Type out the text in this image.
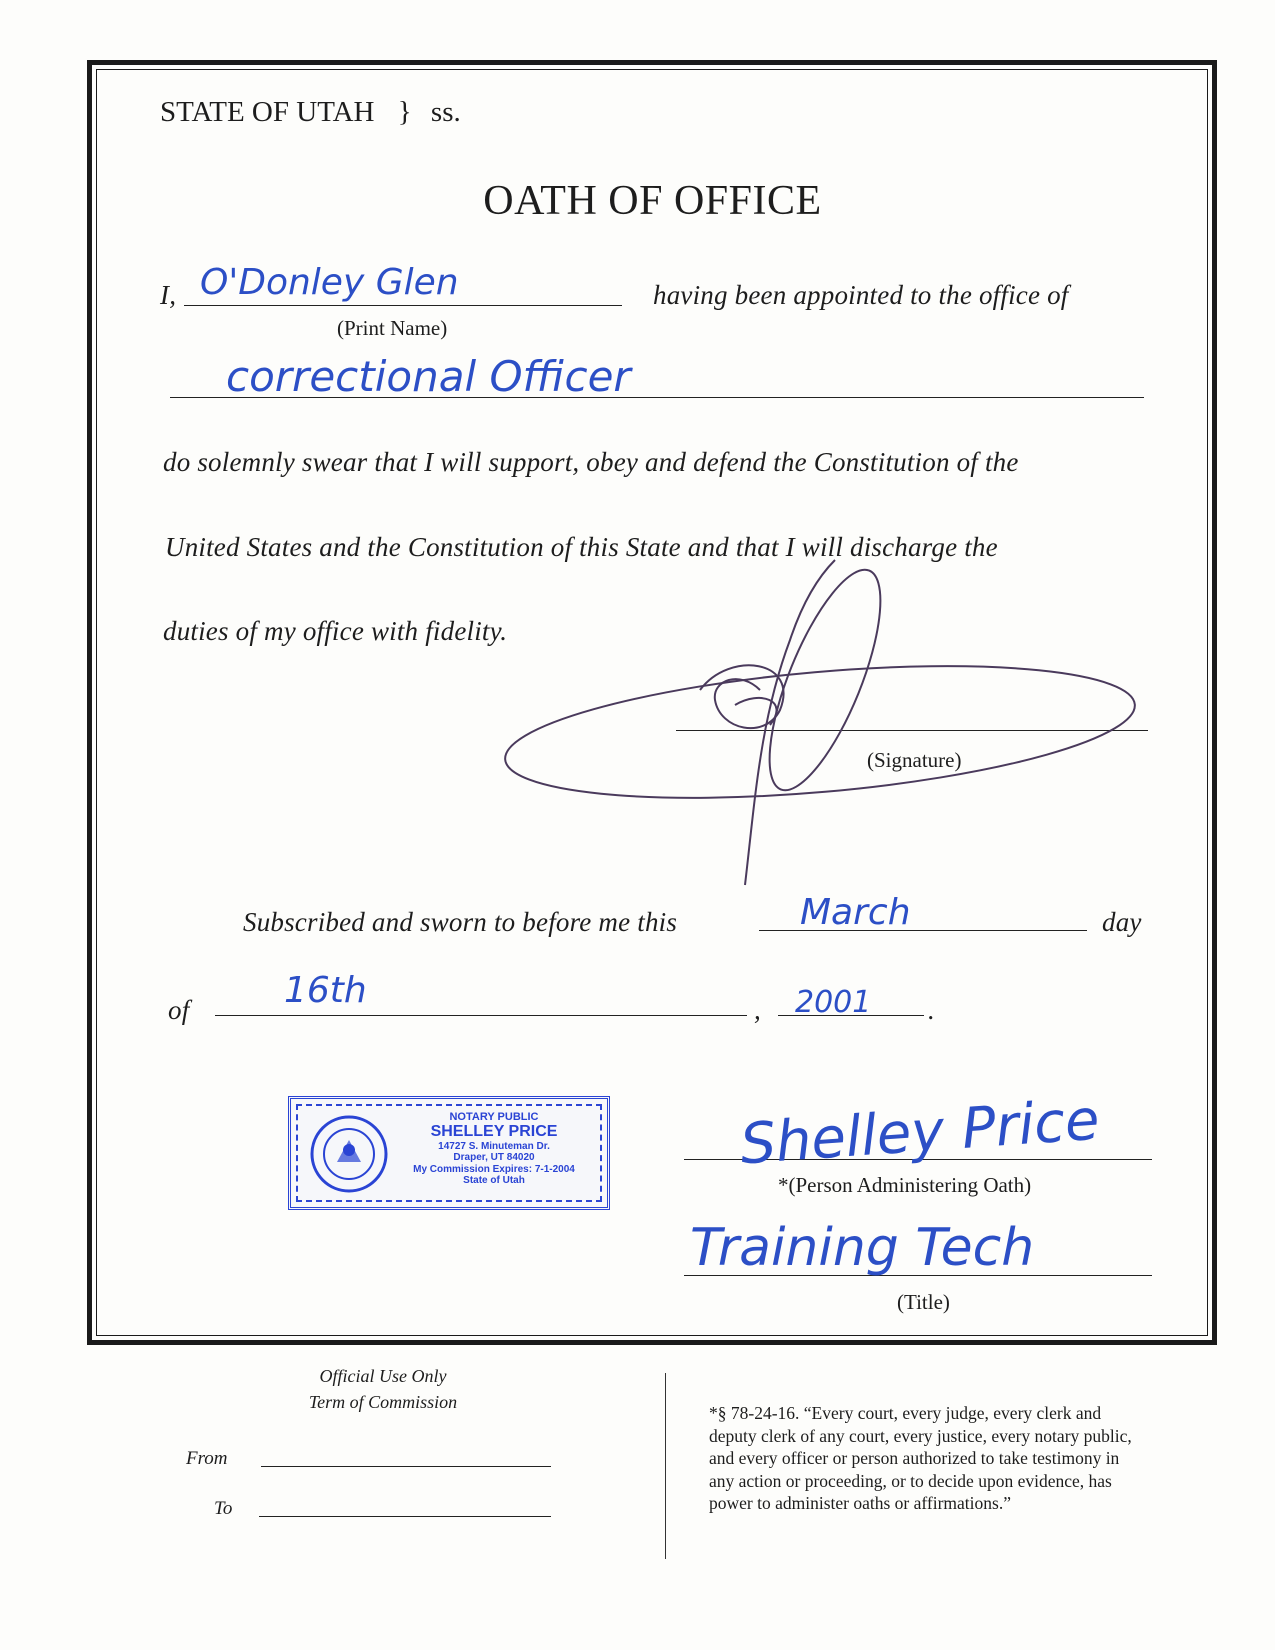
STATE OF UTAH } ss.
OATH OF OFFICE
I, O'Donley Glen
(Print Name)
having been appointed to the office of
correctional Officer
do solemnly swear that I will support, obey and defend the Constitution of the
United States and the Constitution of this State and that I will discharge the
duties of my office with fidelity.
(Signature)
Subscribed and sworn to before me this	March	day
of	16th	, 2001 .
NOTARY PUBLIC
SHELLEY PRICE
14727 S. Minuteman Dr.
Draper, UT 84020
My Commission Expires: 7-1-2004
State of Utah
Shelley Price
*(Person Administering Oath)
Training Tech
(Title)
Official Use Only
Term of Commission
From
To
*§ 78-24-16. “Every court, every judge, every clerk and
deputy clerk of any court, every justice, every notary public,
and every officer or person authorized to take testimony in
any action or proceeding, or to decide upon evidence, has
power to administer oaths or affirmations.”
